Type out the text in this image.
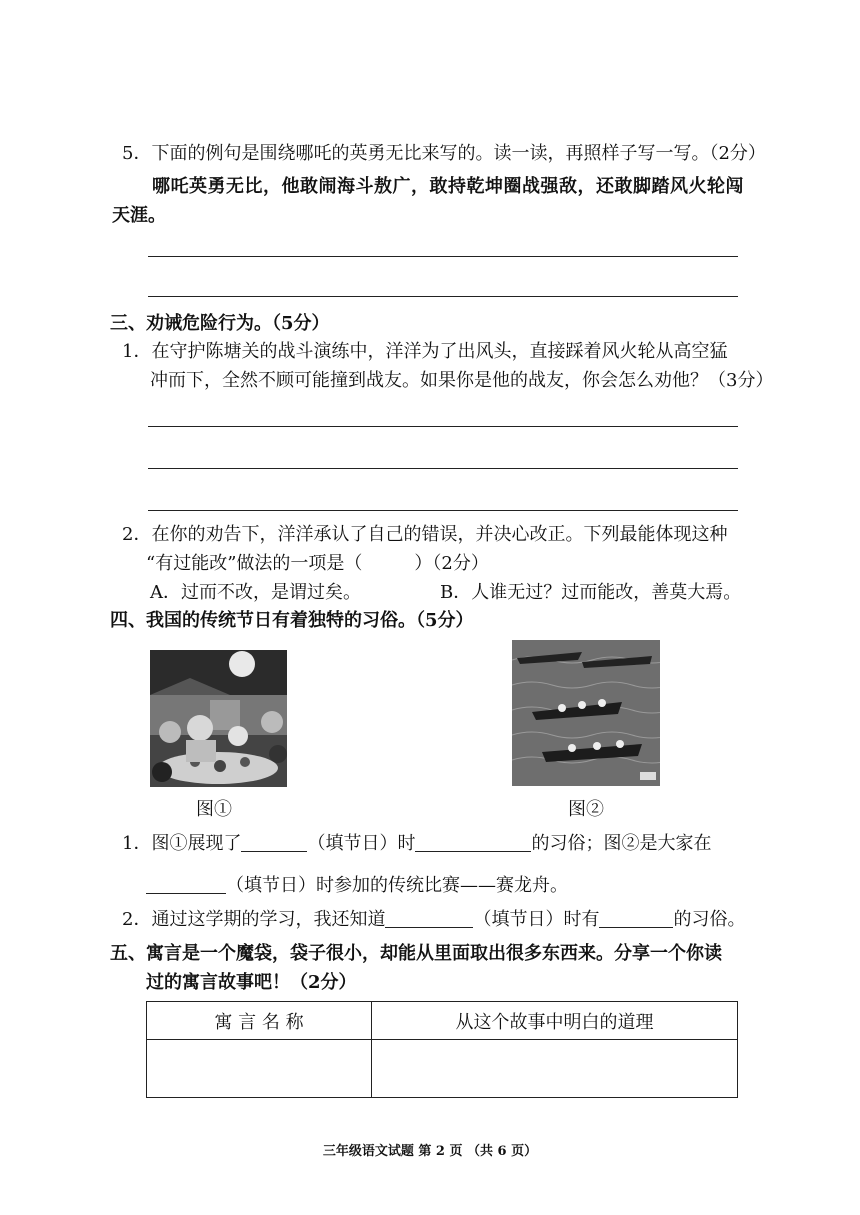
5．下面的例句是围绕哪吒的英勇无比来写的。读一读，再照样子写一写。（2分）
哪吒英勇无比，他敢闹海斗敖广，敢持乾坤圈战强敌，还敢脚踏风火轮闯
天涯。
三、劝诫危险行为。（5分）
1．在守护陈塘关的战斗演练中，洋洋为了出风头，直接踩着风火轮从高空猛
冲而下，全然不顾可能撞到战友。如果你是他的战友，你会怎么劝他？（3分）
2．在你的劝告下，洋洋承认了自己的错误，并决心改正。下列最能体现这种
“有过能改”做法的一项是（	）（2分）
A．过而不改，是谓过矣。	B．人谁无过？过而能改，善莫大焉。
四、我国的传统节日有着独特的习俗。（5分）
图①	图②
1．图①展现了	（填节日）时	的习俗；图②是大家在
（填节日）时参加的传统比赛——赛龙舟。
2．通过这学期的学习，我还知道	（填节日）时有	的习俗。
五、寓言是一个魔袋，袋子很小，却能从里面取出很多东西来。分享一个你读
过的寓言故事吧！（2分）
寓 言 名 称	从这个故事中明白的道理

三年级语文试题 第 2 页 （共 6 页）
